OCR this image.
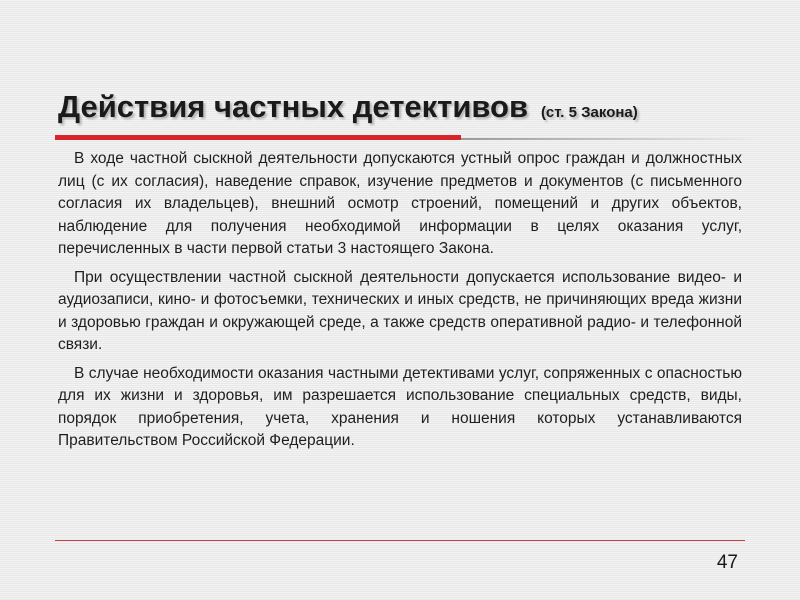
Действия частных детективов (ст. 5 Закона)

В ходе частной сыскной деятельности допускаются устный опрос граждан и должностных лиц (с их согласия), наведение справок, изучение предметов и документов (с письменного согласия их владельцев), внешний осмотр строений, помещений и других объектов, наблюдение для получения необходимой информации в целях оказания услуг, перечисленных в части первой статьи 3 настоящего Закона.

При осуществлении частной сыскной деятельности допускается использование видео- и аудиозаписи, кино- и фотосъемки, технических и иных средств, не причиняющих вреда жизни и здоровью граждан и окружающей среде, а также средств оперативной радио- и телефонной связи.

В случае необходимости оказания частными детективами услуг, сопряженных с опасностью для их жизни и здоровья, им разрешается использование специальных средств, виды, порядок приобретения, учета, хранения и ношения которых устанавливаются Правительством Российской Федерации.

47
